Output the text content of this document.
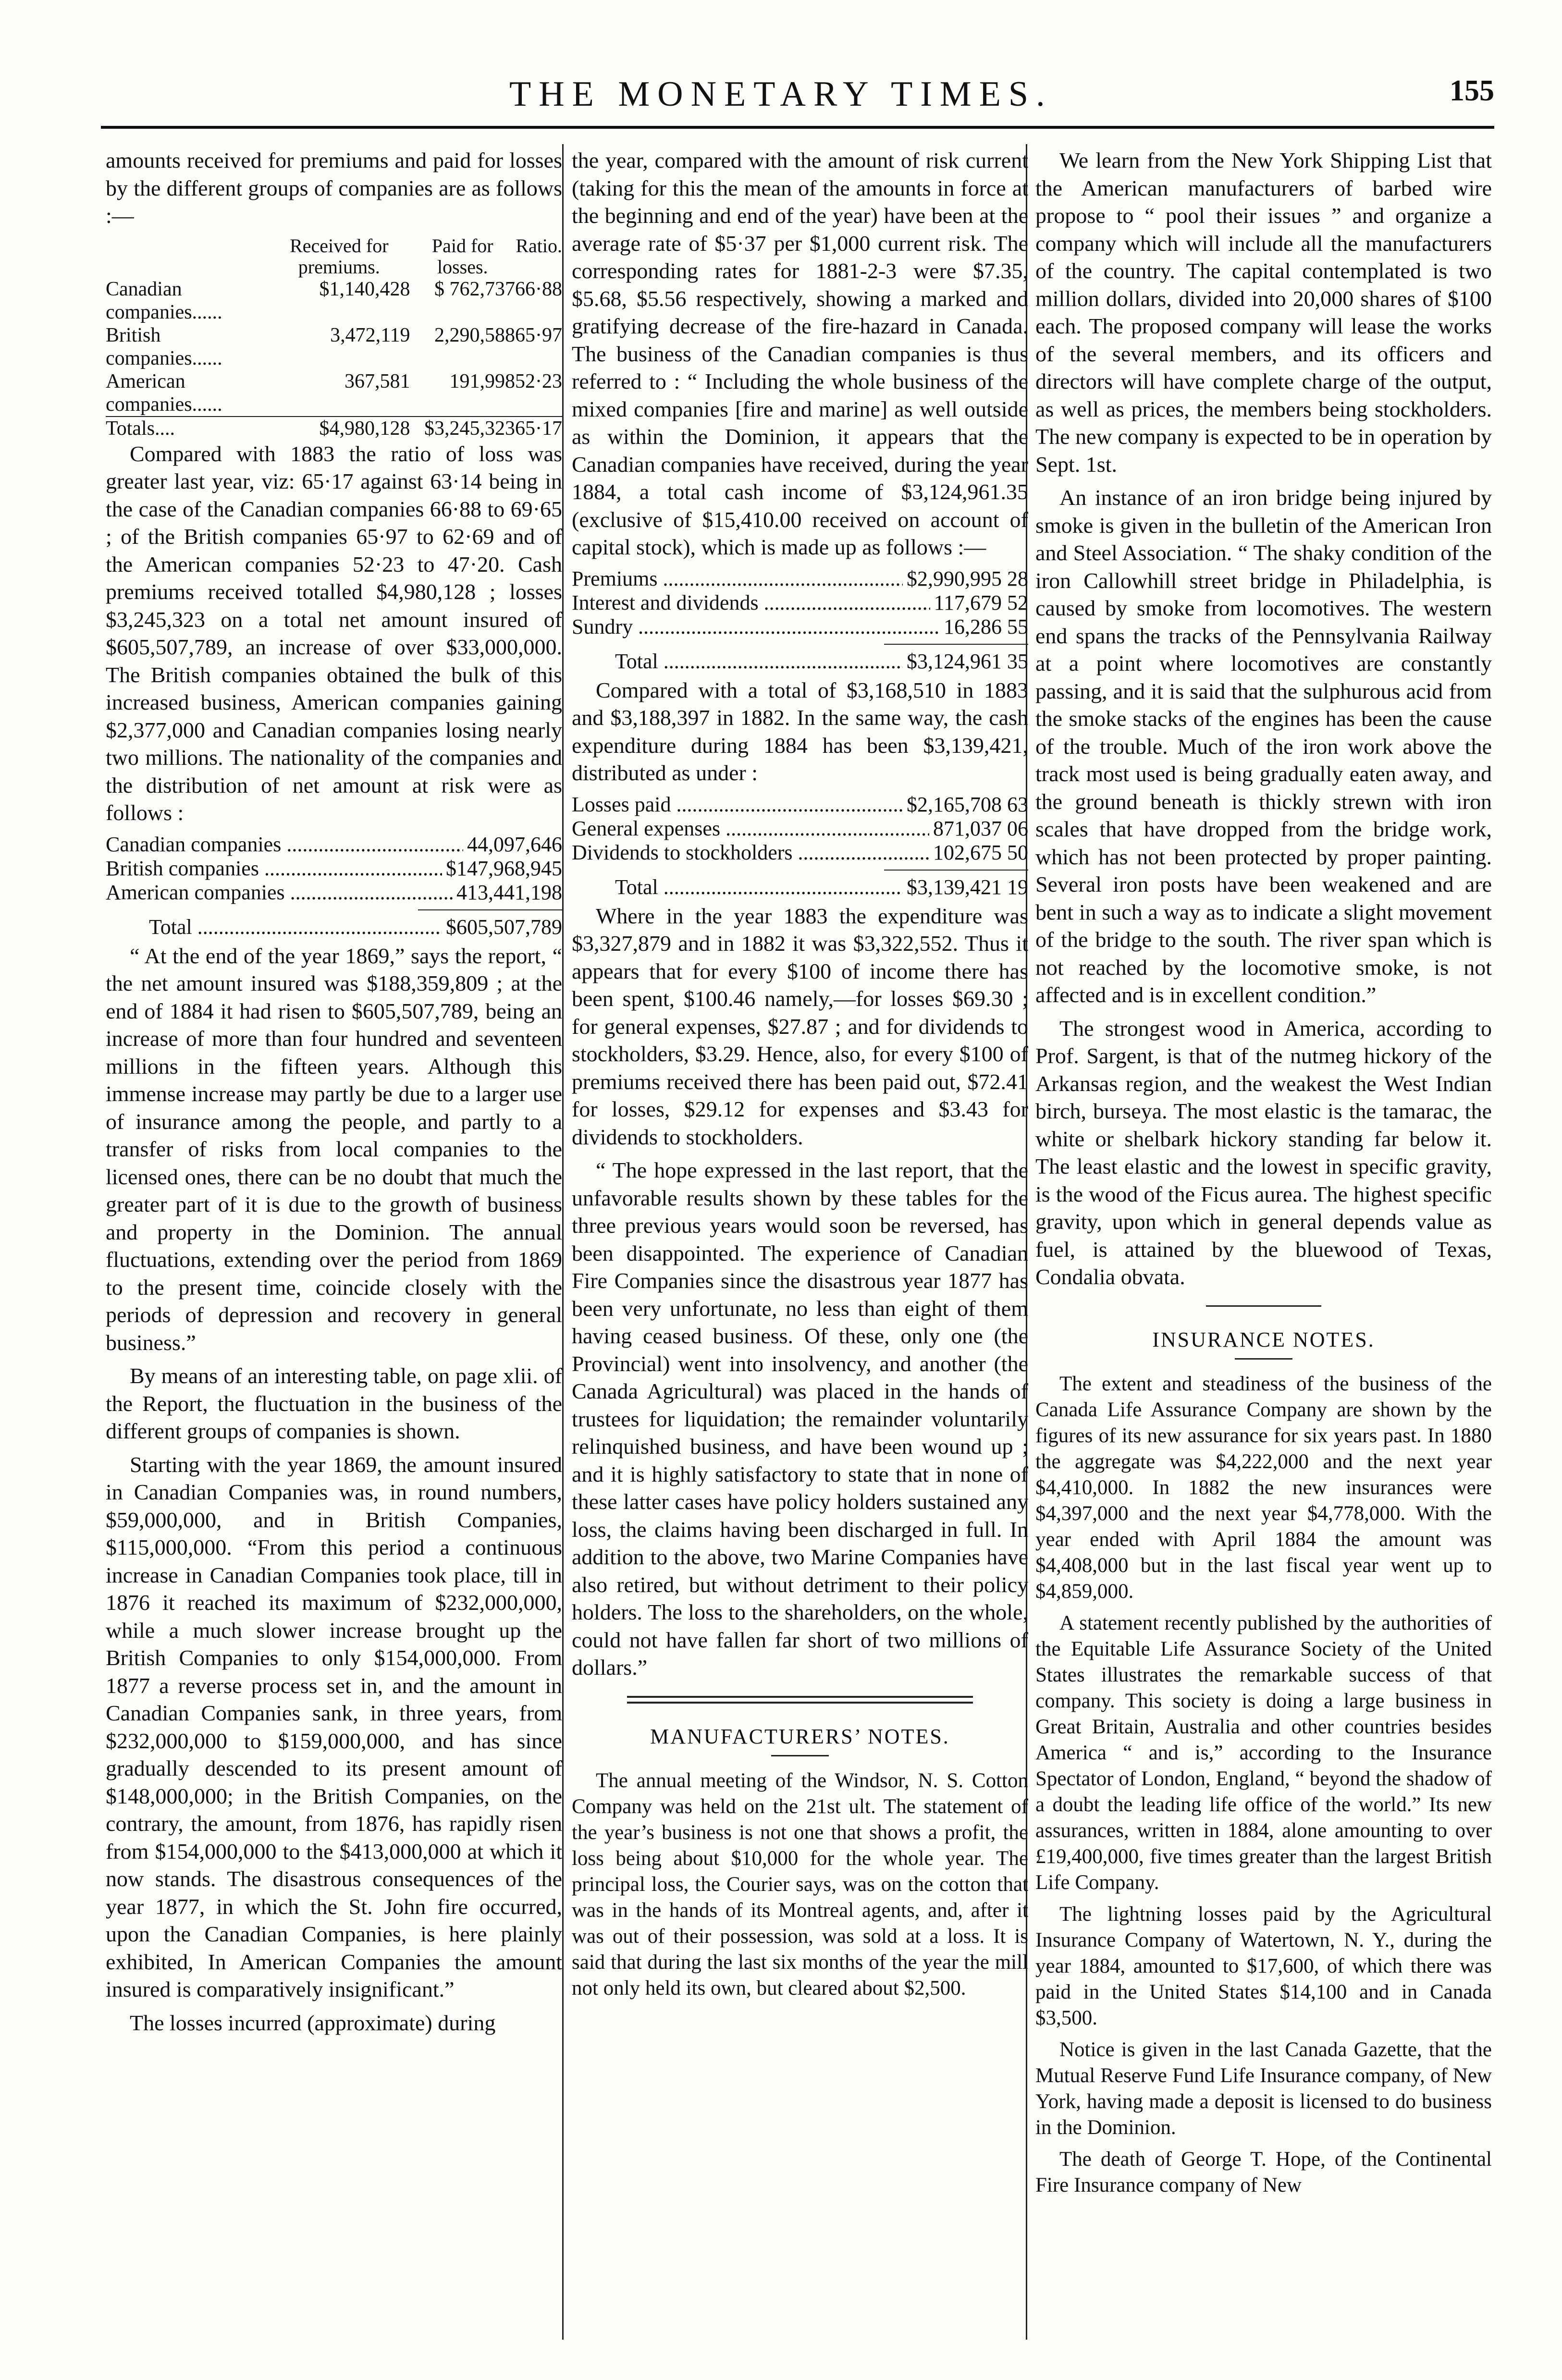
THE MONETARY TIMES.	155

amounts received for premiums and paid for losses by the different groups of companies are as follows :—

	Received for premiums.	Paid for losses.	Ratio.
Canadian companies......	$1,140,428	$ 762,737	66·88
British companies......	3,472,119	2,290,588	65·97
American companies......	367,581	191,998	52·23
Totals....	$4,980,128	$3,245,323	65·17

Compared with 1883 the ratio of loss was greater last year, viz: 65·17 against 63·14 being in the case of the Canadian companies 66·88 to 69·65 ; of the British companies 65·97 to 62·69 and of the American companies 52·23 to 47·20. Cash premiums received totalled $4,980,128 ; losses $3,245,323 on a total net amount insured of $605,507,789, an increase of over $33,000,000. The British companies obtained the bulk of this increased business, American companies gaining $2,377,000 and Canadian companies losing nearly two millions. The nationality of the companies and the distribution of net amount at risk were as follows :

Canadian companies .....	44,097,646
British companies .....	$147,968,945
American companies .....	413,441,198
Total .....	$605,507,789

“ At the end of the year 1869,” says the report, “ the net amount insured was $188,359,809 ; at the end of 1884 it had risen to $605,507,789, being an increase of more than four hundred and seventeen millions in the fifteen years. Although this immense increase may partly be due to a larger use of insurance among the people, and partly to a transfer of risks from local companies to the licensed ones, there can be no doubt that much the greater part of it is due to the growth of business and property in the Dominion. The annual fluctuations, extending over the period from 1869 to the present time, coincide closely with the periods of depression and recovery in general business.”

By means of an interesting table, on page xlii. of the Report, the fluctuation in the business of the different groups of companies is shown.

Starting with the year 1869, the amount insured in Canadian Companies was, in round numbers, $59,000,000, and in British Companies, $115,000,000. “From this period a continuous increase in Canadian Companies took place, till in 1876 it reached its maximum of $232,000,000, while a much slower increase brought up the British Companies to only $154,000,000. From 1877 a reverse process set in, and the amount in Canadian Companies sank, in three years, from $232,000,000 to $159,000,000, and has since gradually descended to its present amount of $148,000,000; in the British Companies, on the contrary, the amount, from 1876, has rapidly risen from $154,000,000 to the $413,000,000 at which it now stands. The disastrous consequences of the year 1877, in which the St. John fire occurred, upon the Canadian Companies, is here plainly exhibited, In American Companies the amount insured is comparatively insignificant.”

The losses incurred (approximate) during

the year, compared with the amount of risk current (taking for this the mean of the amounts in force at the beginning and end of the year) have been at the average rate of $5·37 per $1,000 current risk. The corresponding rates for 1881-2-3 were $7.35, $5.68, $5.56 respectively, showing a marked and gratifying decrease of the fire-hazard in Canada. The business of the Canadian companies is thus referred to : “ Including the whole business of the mixed companies [fire and marine] as well outside as within the Dominion, it appears that the Canadian companies have received, during the year 1884, a total cash income of $3,124,961.35 (exclusive of $15,410.00 received on account of capital stock), which is made up as follows :—

Premiums .....	$2,990,995 28
Interest and dividends .....	117,679 52
Sundry .....	16,286 55
Total .....	$3,124,961 35

Compared with a total of $3,168,510 in 1883 and $3,188,397 in 1882. In the same way, the cash expenditure during 1884 has been $3,139,421, distributed as under :

Losses paid .....	$2,165,708 63
General expenses .....	871,037 06
Dividends to stockholders .....	102,675 50
Total .....	$3,139,421 19

Where in the year 1883 the expenditure was $3,327,879 and in 1882 it was $3,322,552. Thus it appears that for every $100 of income there has been spent, $100.46 namely,—for losses $69.30 ; for general expenses, $27.87 ; and for dividends to stockholders, $3.29. Hence, also, for every $100 of premiums received there has been paid out, $72.41 for losses, $29.12 for expenses and $3.43 for dividends to stockholders.

“ The hope expressed in the last report, that the unfavorable results shown by these tables for the three previous years would soon be reversed, has been disappointed. The experience of Canadian Fire Companies since the disastrous year 1877 has been very unfortunate, no less than eight of them having ceased business. Of these, only one (the Provincial) went into insolvency, and another (the Canada Agricultural) was placed in the hands of trustees for liquidation; the remainder voluntarily relinquished business, and have been wound up ; and it is highly satisfactory to state that in none of these latter cases have policy holders sustained any loss, the claims having been discharged in full. In addition to the above, two Marine Companies have also retired, but without detriment to their policy holders. The loss to the shareholders, on the whole, could not have fallen far short of two millions of dollars.”

MANUFACTURERS’ NOTES.

The annual meeting of the Windsor, N. S. Cotton Company was held on the 21st ult. The statement of the year’s business is not one that shows a profit, the loss being about $10,000 for the whole year. The principal loss, the Courier says, was on the cotton that was in the hands of its Montreal agents, and, after it was out of their possession, was sold at a loss. It is said that during the last six months of the year the mill not only held its own, but cleared about $2,500.

We learn from the New York Shipping List that the American manufacturers of barbed wire propose to “ pool their issues ” and organize a company which will include all the manufacturers of the country. The capital contemplated is two million dollars, divided into 20,000 shares of $100 each. The proposed company will lease the works of the several members, and its officers and directors will have complete charge of the output, as well as prices, the members being stockholders. The new company is expected to be in operation by Sept. 1st.

An instance of an iron bridge being injured by smoke is given in the bulletin of the American Iron and Steel Association. “ The shaky condition of the iron Callowhill street bridge in Philadelphia, is caused by smoke from locomotives. The western end spans the tracks of the Pennsylvania Railway at a point where locomotives are constantly passing, and it is said that the sulphurous acid from the smoke stacks of the engines has been the cause of the trouble. Much of the iron work above the track most used is being gradually eaten away, and the ground beneath is thickly strewn with iron scales that have dropped from the bridge work, which has not been protected by proper painting. Several iron posts have been weakened and are bent in such a way as to indicate a slight movement of the bridge to the south. The river span which is not reached by the locomotive smoke, is not affected and is in excellent condition.”

The strongest wood in America, according to Prof. Sargent, is that of the nutmeg hickory of the Arkansas region, and the weakest the West Indian birch, burseya. The most elastic is the tamarac, the white or shelbark hickory standing far below it. The least elastic and the lowest in specific gravity, is the wood of the Ficus aurea. The highest specific gravity, upon which in general depends value as fuel, is attained by the bluewood of Texas, Condalia obvata.

INSURANCE NOTES.

The extent and steadiness of the business of the Canada Life Assurance Company are shown by the figures of its new assurance for six years past. In 1880 the aggregate was $4,222,000 and the next year $4,410,000. In 1882 the new insurances were $4,397,000 and the next year $4,778,000. With the year ended with April 1884 the amount was $4,408,000 but in the last fiscal year went up to $4,859,000.

A statement recently published by the authorities of the Equitable Life Assurance Society of the United States illustrates the remarkable success of that company. This society is doing a large business in Great Britain, Australia and other countries besides America “ and is,” according to the Insurance Spectator of London, England, “ beyond the shadow of a doubt the leading life office of the world.” Its new assurances, written in 1884, alone amounting to over £19,400,000, five times greater than the largest British Life Company.

The lightning losses paid by the Agricultural Insurance Company of Watertown, N. Y., during the year 1884, amounted to $17,600, of which there was paid in the United States $14,100 and in Canada $3,500.

Notice is given in the last Canada Gazette, that the Mutual Reserve Fund Life Insurance company, of New York, having made a deposit is licensed to do business in the Dominion.

The death of George T. Hope, of the Continental Fire Insurance company of New
